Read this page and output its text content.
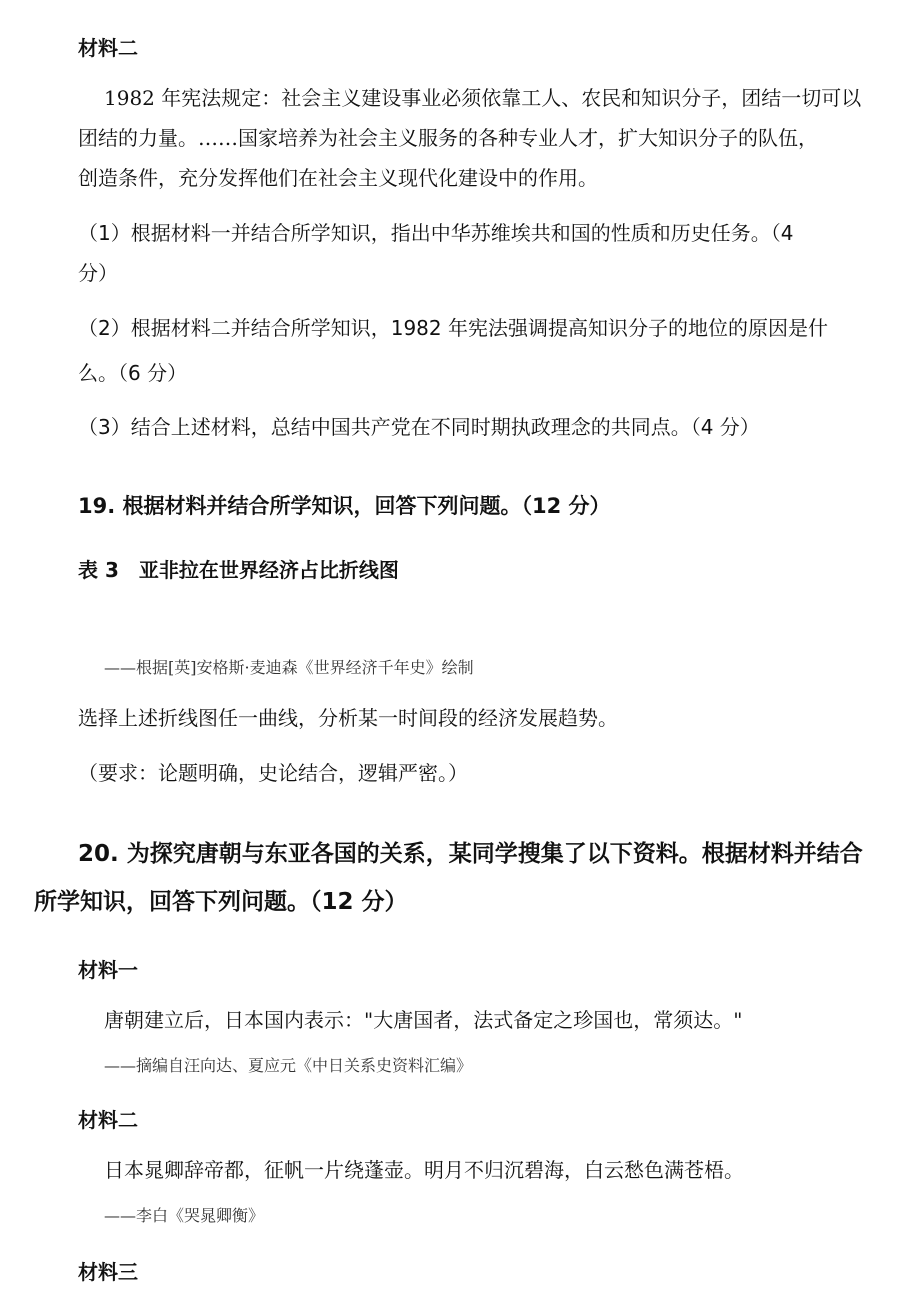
材料二
1982 年宪法规定：社会主义建设事业必须依靠工人、农民和知识分子，团结一切可以
团结的力量。……国家培养为社会主义服务的各种专业人才，扩大知识分子的队伍，
创造条件，充分发挥他们在社会主义现代化建设中的作用。
（1）根据材料一并结合所学知识，指出中华苏维埃共和国的性质和历史任务。（4
分）
（2）根据材料二并结合所学知识，1982 年宪法强调提高知识分子的地位的原因是什
么。（6 分）
（3）结合上述材料，总结中国共产党在不同时期执政理念的共同点。（4 分）
19. 根据材料并结合所学知识，回答下列问题。（12 分）
表 3　亚非拉在世界经济占比折线图
——根据[英]安格斯·麦迪森《世界经济千年史》绘制
选择上述折线图任一曲线，分析某一时间段的经济发展趋势。
（要求：论题明确，史论结合，逻辑严密。）
20. 为探究唐朝与东亚各国的关系，某同学搜集了以下资料。根据材料并结合
所学知识，回答下列问题。（12 分）
材料一
唐朝建立后，日本国内表示："大唐国者，法式备定之珍国也，常须达。"
——摘编自汪向达、夏应元《中日关系史资料汇编》
材料二
日本晁卿辞帝都，征帆一片绕蓬壶。明月不归沉碧海，白云愁色满苍梧。
——李白《哭晁卿衡》
材料三
